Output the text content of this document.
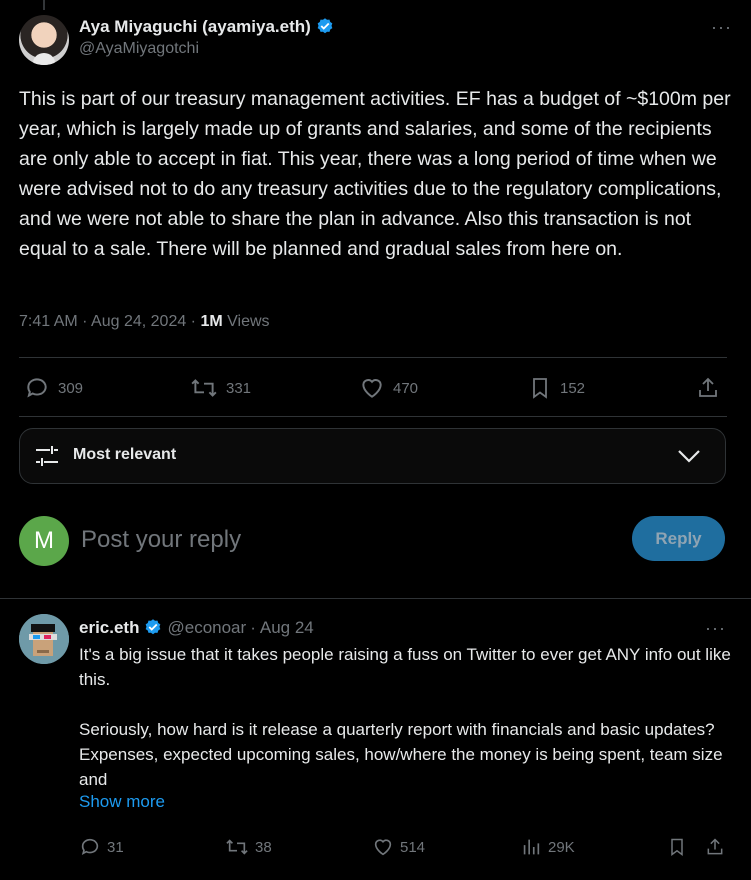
Aya Miyaguchi (ayamiya.eth)
@AyaMiyagotchi
···
This is part of our treasury management activities. EF has a budget of ~$100m per year, which is largely made up of grants and salaries, and some of the recipients are only able to accept in fiat. This year, there was a long period of time when we were advised not to do any treasury activities due to the regulatory complications, and we were not able to share the plan in advance. Also this transaction is not equal to a sale. There will be planned and gradual sales from here on.
7:41 AM · Aug 24, 2024 · 1M Views
309	331	470	152
Most relevant
M	Post your reply	Reply
eric.eth @econoar · Aug 24	···

It's a big issue that it takes people raising a fuss on Twitter to ever get ANY info out like this.

Seriously, how hard is it release a quarterly report with financials and basic updates? Expenses, expected upcoming sales, how/where the money is being spent, team size and

Show more
31	38	514	29K
